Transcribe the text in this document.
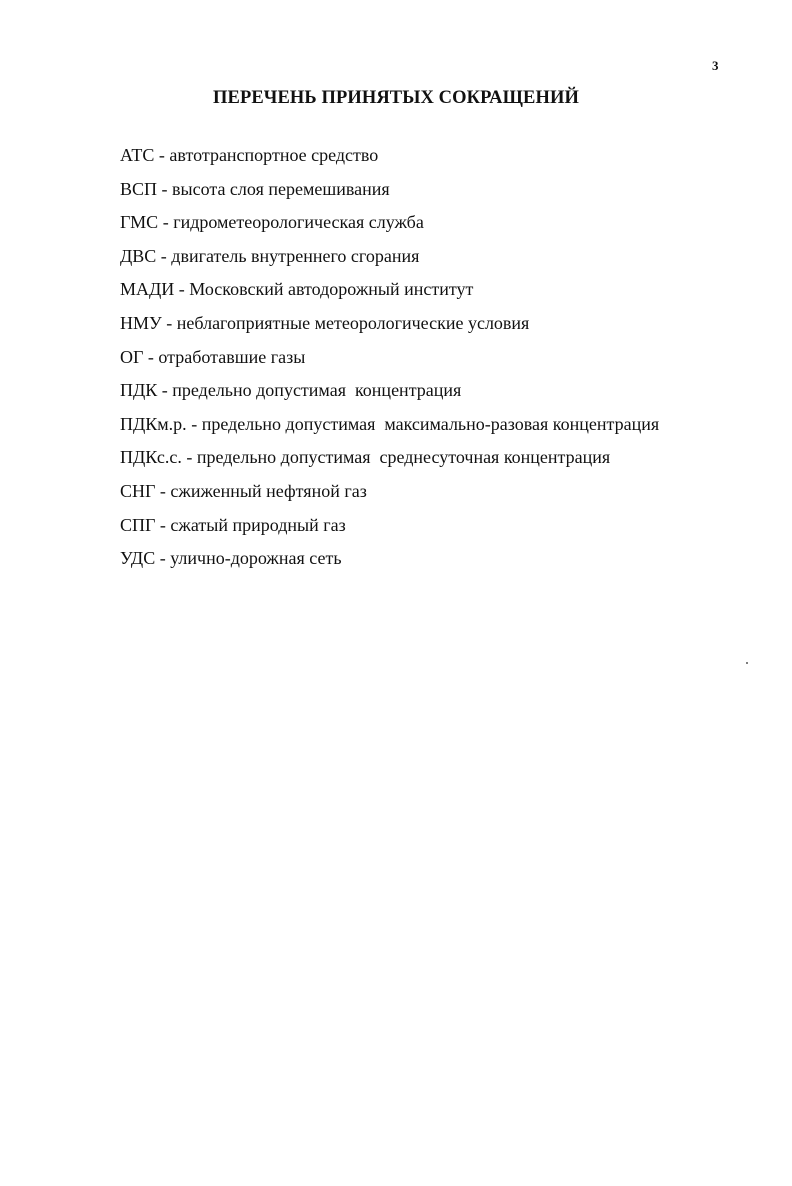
3
ПЕРЕЧЕНЬ ПРИНЯТЫХ СОКРАЩЕНИЙ
АТС - автотранспортное средство
ВСП - высота слоя перемешивания
ГМС - гидрометеорологическая служба
ДВС - двигатель внутреннего сгорания
МАДИ - Московский автодорожный институт
НМУ - неблагоприятные метеорологические условия
ОГ - отработавшие газы
ПДК - предельно допустимая  концентрация
ПДКм.р. - предельно допустимая  максимально-разовая концентрация
ПДКс.с. - предельно допустимая  среднесуточная концентрация
СНГ - сжиженный нефтяной газ
СПГ - сжатый природный газ
УДС - улично-дорожная сеть
